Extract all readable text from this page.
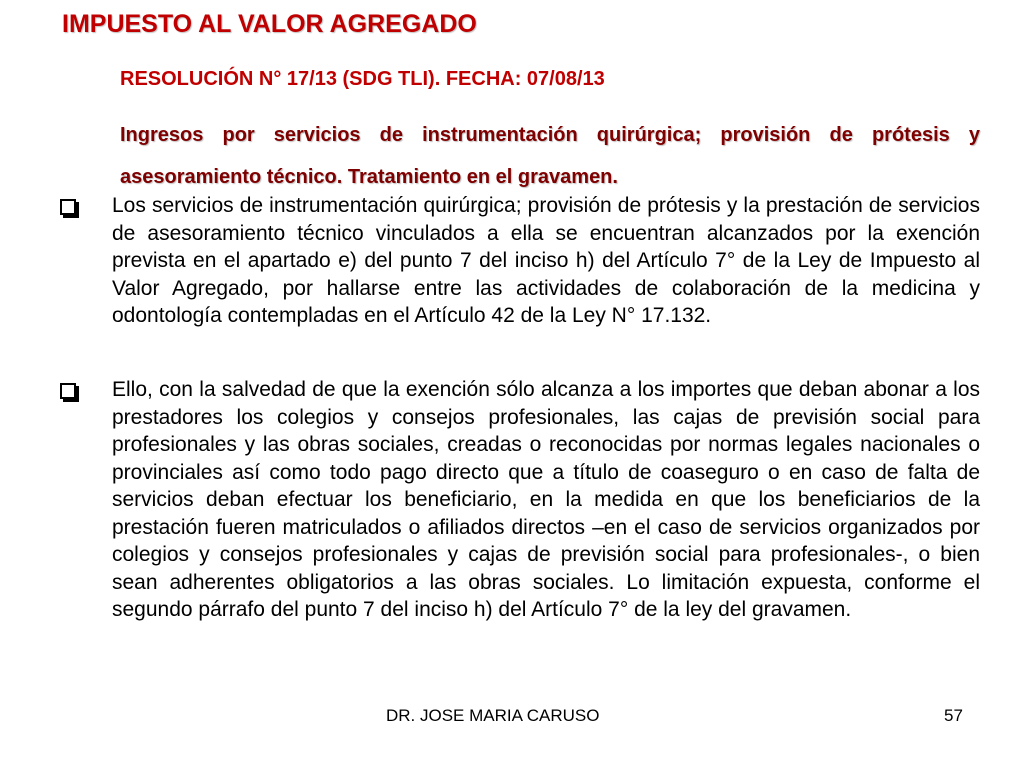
IMPUESTO AL VALOR AGREGADO
RESOLUCIÓN N° 17/13 (SDG TLI). FECHA: 07/08/13
Ingresos por servicios de instrumentación quirúrgica; provisión de prótesis y asesoramiento técnico. Tratamiento en el gravamen.
Los servicios de instrumentación quirúrgica; provisión de prótesis y la prestación de servicios de asesoramiento técnico vinculados a ella se encuentran alcanzados por la exención prevista en el apartado e) del punto 7 del inciso h) del Artículo 7° de la Ley de Impuesto al Valor Agregado, por hallarse entre las actividades de colaboración de la medicina y odontología contempladas en el Artículo 42 de la Ley N° 17.132.
Ello, con la salvedad de que la exención sólo alcanza a los importes que deban abonar a los prestadores los colegios y consejos profesionales, las cajas de previsión social para profesionales y las obras sociales, creadas o reconocidas por normas legales nacionales o provinciales así como todo pago directo que a título de coaseguro o en caso de falta de servicios deban efectuar los beneficiario, en la medida en que los beneficiarios de la prestación fueren matriculados o afiliados directos –en el caso de servicios organizados por colegios y consejos profesionales y cajas de previsión social para profesionales-, o bien sean adherentes obligatorios a las obras sociales. Lo limitación expuesta, conforme el segundo párrafo del punto 7 del inciso h) del Artículo 7° de la ley del gravamen.
DR. JOSE MARIA CARUSO	57
